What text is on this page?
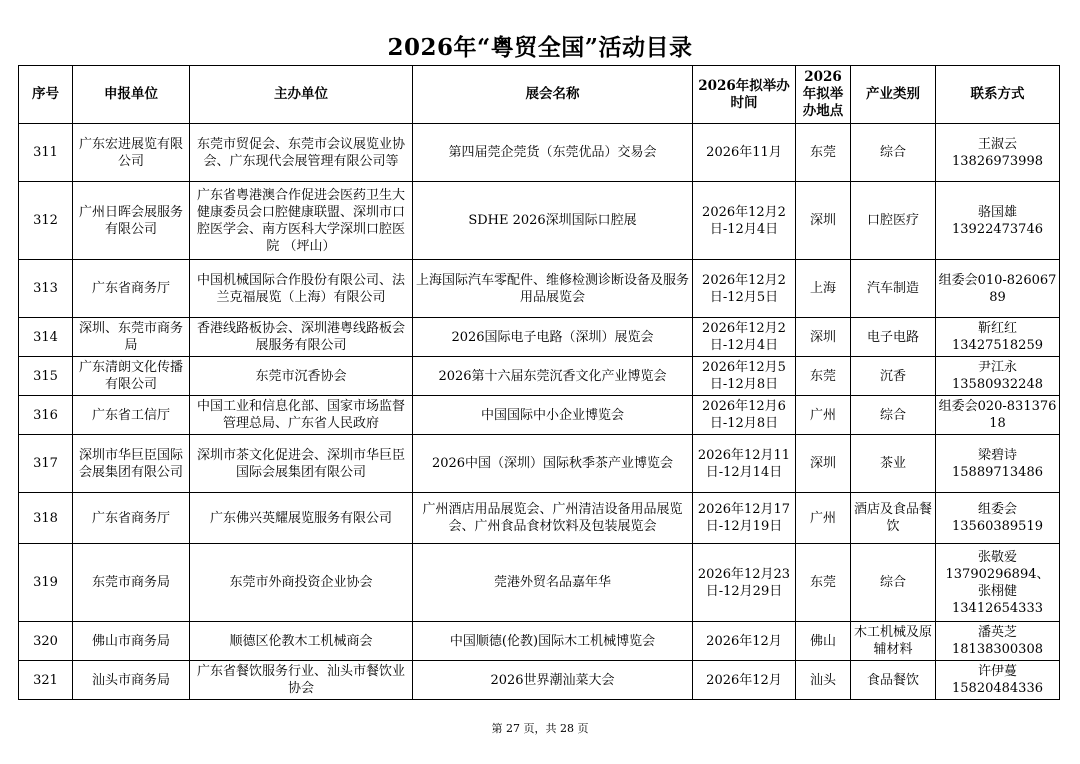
2026年“粤贸全国”活动目录
序号	申报单位	主办单位	展会名称	2026年拟举办时间	2026年拟举办地点	产业类别	联系方式
311	广东宏进展览有限公司	东莞市贸促会、东莞市会议展览业协会、广东现代会展管理有限公司等	第四届莞企莞货（东莞优品）交易会	2026年11月	东莞	综合	王淑云
13826973998
312	广州日晖会展服务有限公司	广东省粤港澳合作促进会医药卫生大健康委员会口腔健康联盟、深圳市口腔医学会、南方医科大学深圳口腔医院 （坪山）	SDHE 2026深圳国际口腔展	2026年12月2日-12月4日	深圳	口腔医疗	骆国雄
13922473746
313	广东省商务厅	中国机械国际合作股份有限公司、法兰克福展览（上海）有限公司	上海国际汽车零配件、维修检测诊断设备及服务用品展览会	2026年12月2日-12月5日	上海	汽车制造	组委会010-82606789
314	深圳、东莞市商务局	香港线路板协会、深圳港粤线路板会展服务有限公司	2026国际电子电路（深圳）展览会	2026年12月2日-12月4日	深圳	电子电路	靳红红
13427518259
315	广东清朗文化传播有限公司	东莞市沉香协会	2026第十六届东莞沉香文化产业博览会	2026年12月5日-12月8日	东莞	沉香	尹江永
13580932248
316	广东省工信厅	中国工业和信息化部、国家市场监督管理总局、广东省人民政府	中国国际中小企业博览会	2026年12月6日-12月8日	广州	综合	组委会020-83137618
317	深圳市华巨臣国际会展集团有限公司	深圳市茶文化促进会、深圳市华巨臣国际会展集团有限公司	2026中国（深圳）国际秋季茶产业博览会	2026年12月11日-12月14日	深圳	茶业	梁碧诗
15889713486
318	广东省商务厅	广东佛兴英耀展览服务有限公司	广州酒店用品展览会、广州清洁设备用品展览会、广州食品食材饮料及包装展览会	2026年12月17日-12月19日	广州	酒店及食品餐饮	组委会
13560389519
319	东莞市商务局	东莞市外商投资企业协会	莞港外贸名品嘉年华	2026年12月23日-12月29日	东莞	综合	张敬爱
13790296894、
张栩健
13412654333
320	佛山市商务局	顺德区伦教木工机械商会	中国顺德(伦教)国际木工机械博览会	2026年12月	佛山	木工机械及原辅材料	潘英芝
18138300308
321	汕头市商务局	广东省餐饮服务行业、汕头市餐饮业协会	2026世界潮汕菜大会	2026年12月	汕头	食品餐饮	许伊蔓
15820484336
第 27 页，共 28 页
